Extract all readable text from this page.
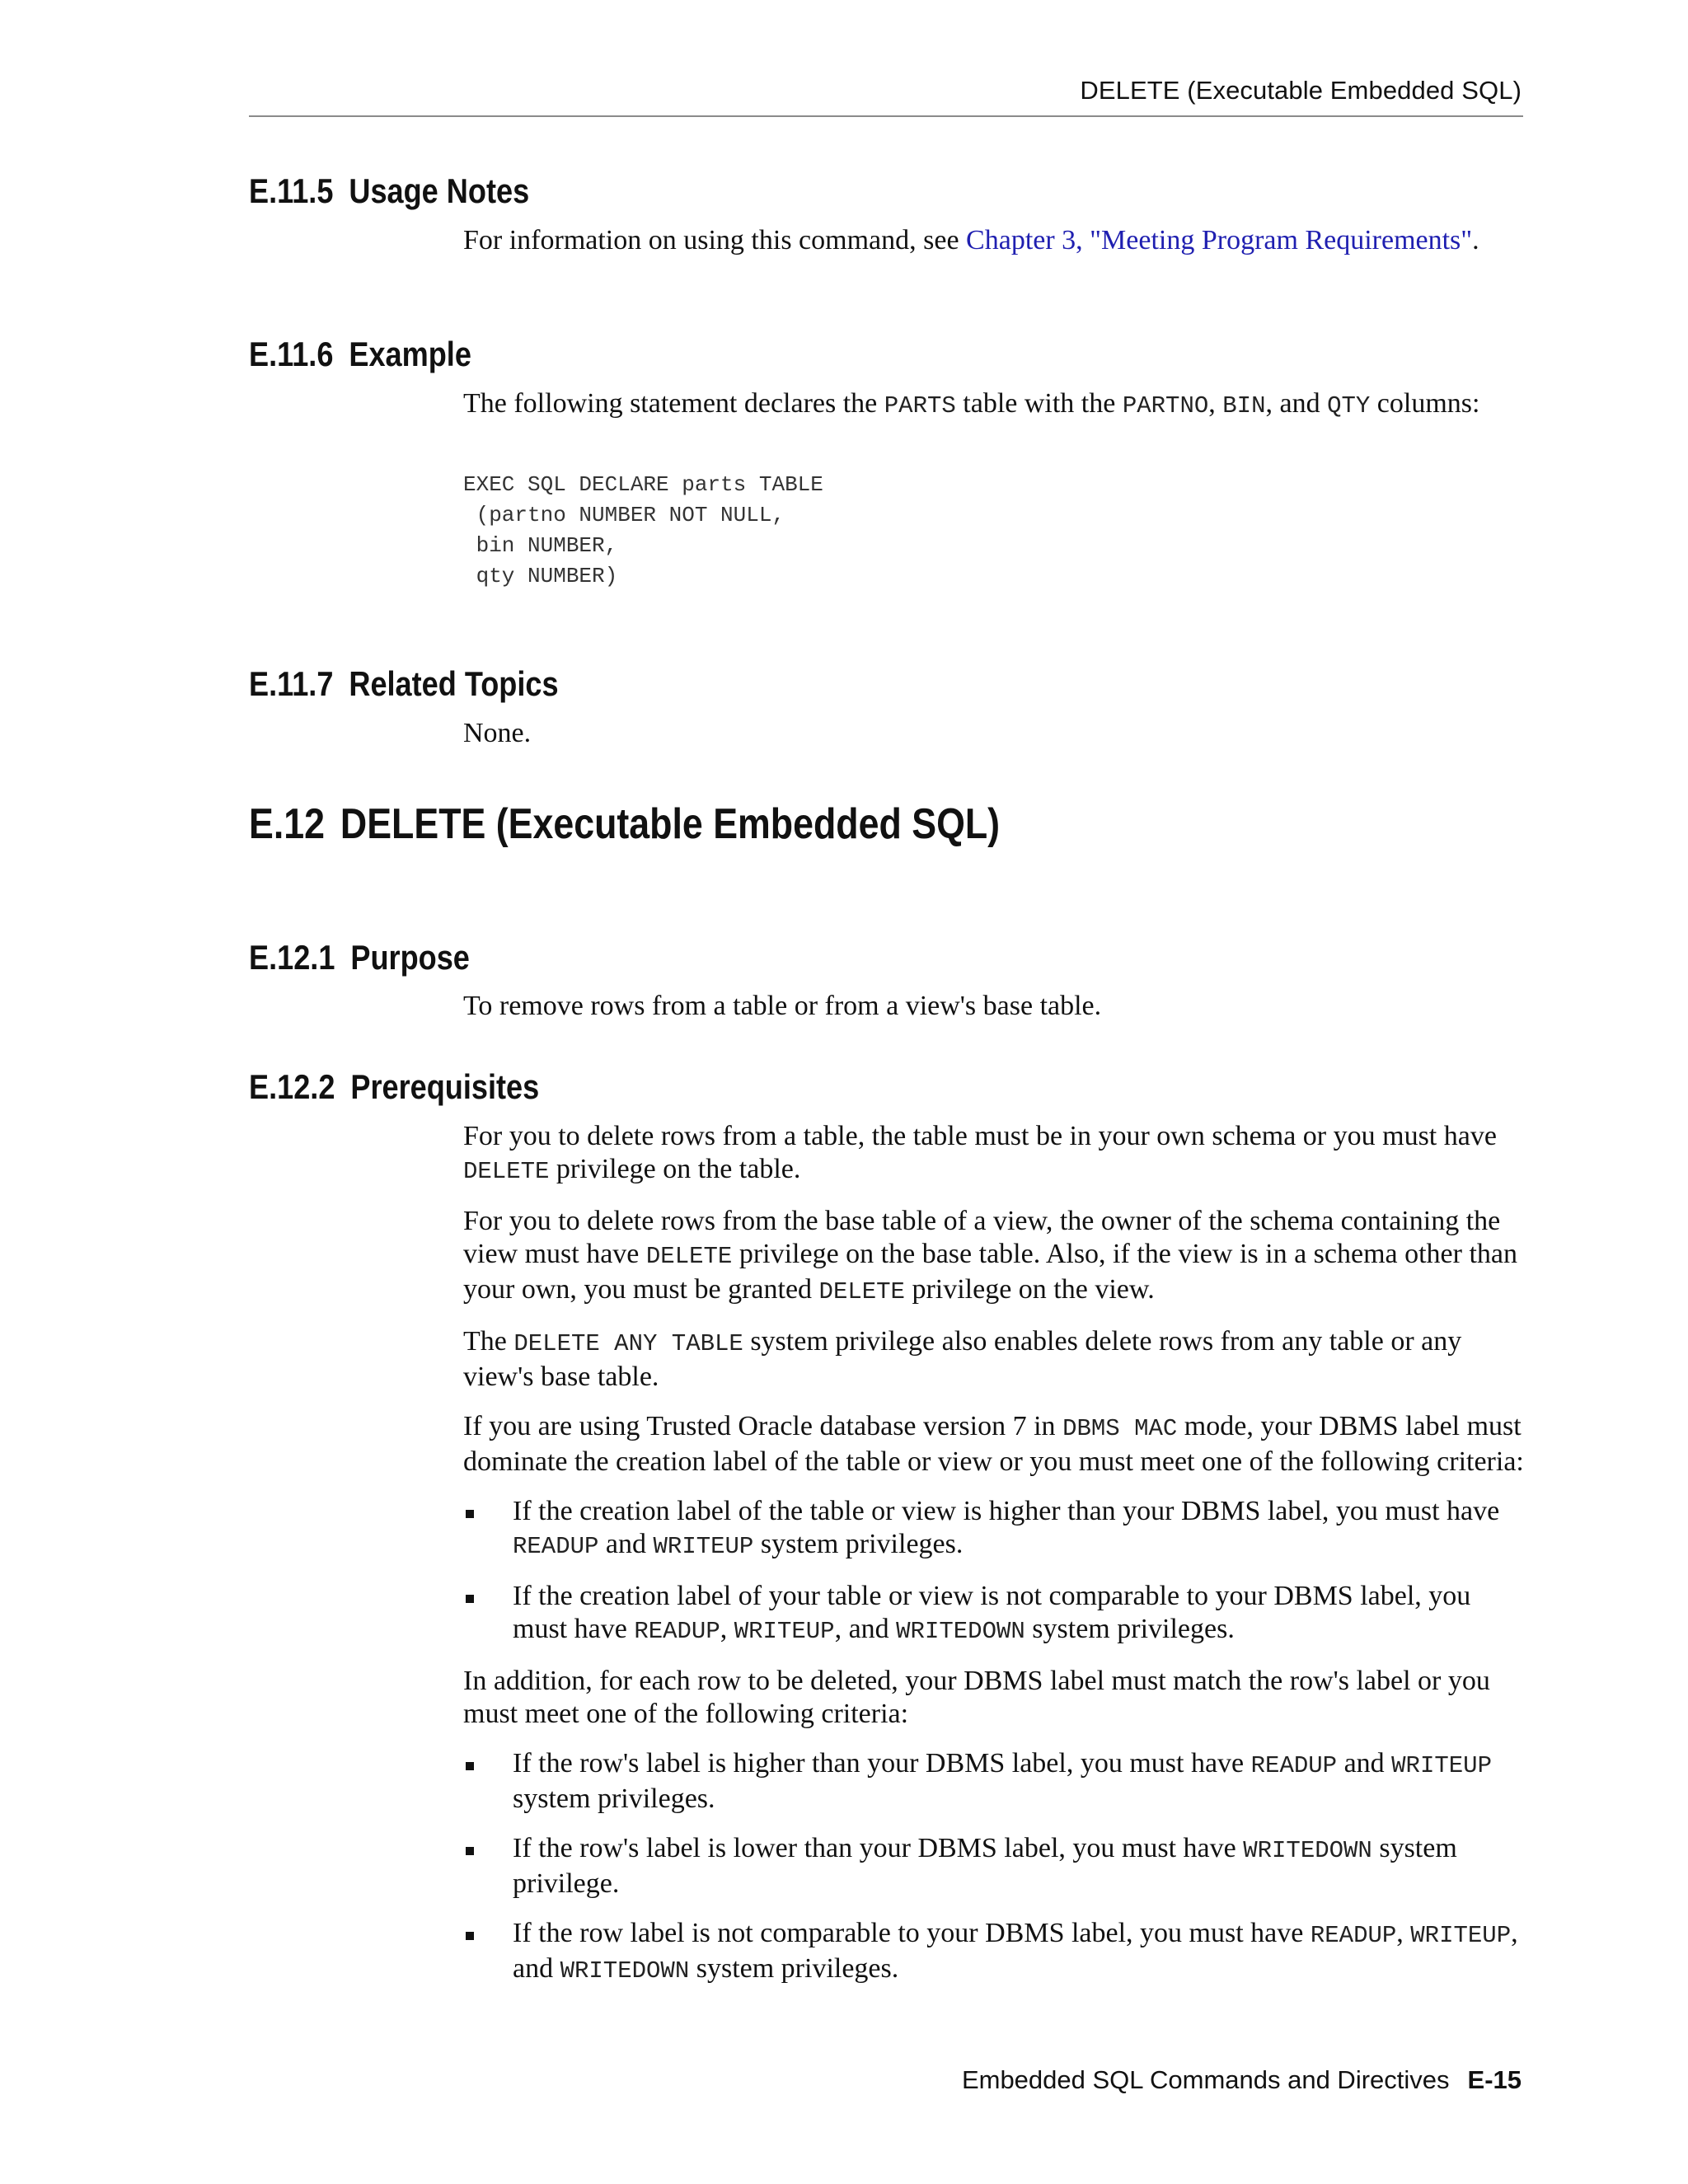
DELETE (Executable Embedded SQL)
E.11.5 Usage Notes

For information on using this command, see Chapter 3, "Meeting Program Requirements".

E.11.6 Example

The following statement declares the PARTS table with the PARTNO, BIN, and QTY columns:

EXEC SQL DECLARE parts TABLE
(partno NUMBER NOT NULL,
bin NUMBER,
qty NUMBER)
E.11.7 Related Topics

None.

E.12 DELETE (Executable Embedded SQL)
E.12.1 Purpose

To remove rows from a table or from a view's base table.

E.12.2 Prerequisites

For you to delete rows from a table, the table must be in your own schema or you must have DELETE privilege on the table.

For you to delete rows from the base table of a view, the owner of the schema containing the view must have DELETE privilege on the base table. Also, if the view is in a schema other than your own, you must be granted DELETE privilege on the view.

The DELETE ANY TABLE system privilege also enables delete rows from any table or any view's base table.

If you are using Trusted Oracle database version 7 in DBMS MAC mode, your DBMS label must dominate the creation label of the table or view or you must meet one of the following criteria:

If the creation label of the table or view is higher than your DBMS label, you must have READUP and WRITEUP system privileges.
If the creation label of your table or view is not comparable to your DBMS label, you must have READUP, WRITEUP, and WRITEDOWN system privileges.

In addition, for each row to be deleted, your DBMS label must match the row's label or you must meet one of the following criteria:

If the row's label is higher than your DBMS label, you must have READUP and WRITEUP system privileges.
If the row's label is lower than your DBMS label, you must have WRITEDOWN system privilege.
If the row label is not comparable to your DBMS label, you must have READUP, WRITEUP, and WRITEDOWN system privileges.
Embedded SQL Commands and Directives E-15
